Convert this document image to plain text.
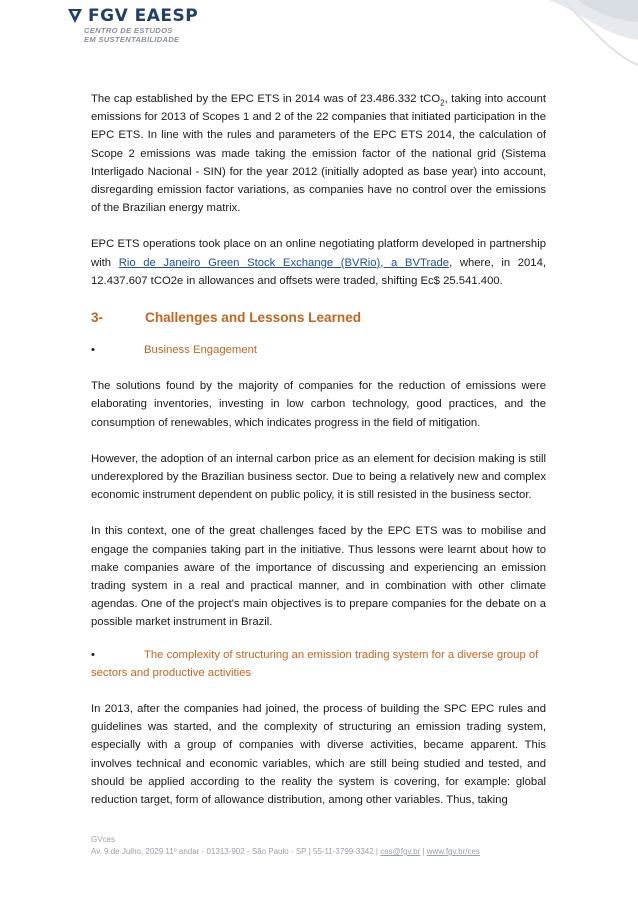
FGV EAESP
CENTRO DE ESTUDOS
EM SUSTENTABILIDADE

The cap established by the EPC ETS in 2014 was of 23.486.332 tCO$_2$, taking into account emissions for 2013 of Scopes 1 and 2 of the 22 companies that initiated participation in the EPC ETS. In line with the rules and parameters of the EPC ETS 2014, the calculation of Scope 2 emissions was made taking the emission factor of the national grid (Sistema Interligado Nacional - SIN) for the year 2012 (initially adopted as base year) into account, disregarding emission factor variations, as companies have no control over the emissions of the Brazilian energy matrix.

EPC ETS operations took place on an online negotiating platform developed in partnership with Rio de Janeiro Green Stock Exchange (BVRio), a BVTrade, where, in 2014, 12.437.607 tCO2e in allowances and offsets were traded, shifting Ec$ 25.541.400.

3-	Challenges and Lessons Learned
•	Business Engagement

The solutions found by the majority of companies for the reduction of emissions were elaborating inventories, investing in low carbon technology, good practices, and the consumption of renewables, which indicates progress in the field of mitigation.

However, the adoption of an internal carbon price as an element for decision making is still underexplored by the Brazilian business sector. Due to being a relatively new and complex economic instrument dependent on public policy, it is still resisted in the business sector.

In this context, one of the great challenges faced by the EPC ETS was to mobilise and engage the companies taking part in the initiative. Thus lessons were learnt about how to make companies aware of the importance of discussing and experiencing an emission trading system in a real and practical manner, and in combination with other climate agendas. One of the project's main objectives is to prepare companies for the debate on a possible market instrument in Brazil.

•	The complexity of structuring an emission trading system for a diverse group of sectors and productive activities

In 2013, after the companies had joined, the process of building the SPC EPC rules and guidelines was started, and the complexity of structuring an emission trading system, especially with a group of companies with diverse activities, became apparent. This involves technical and economic variables, which are still being studied and tested, and should be applied according to the reality the system is covering, for example: global reduction target, form of allowance distribution, among other variables. Thus, taking

GVces
Av. 9 de Julho, 2029 11º andar - 01313-902 - São Paulo - SP | 55-11-3799-3342 | ces@fgv.br | www.fgv.br/ces
